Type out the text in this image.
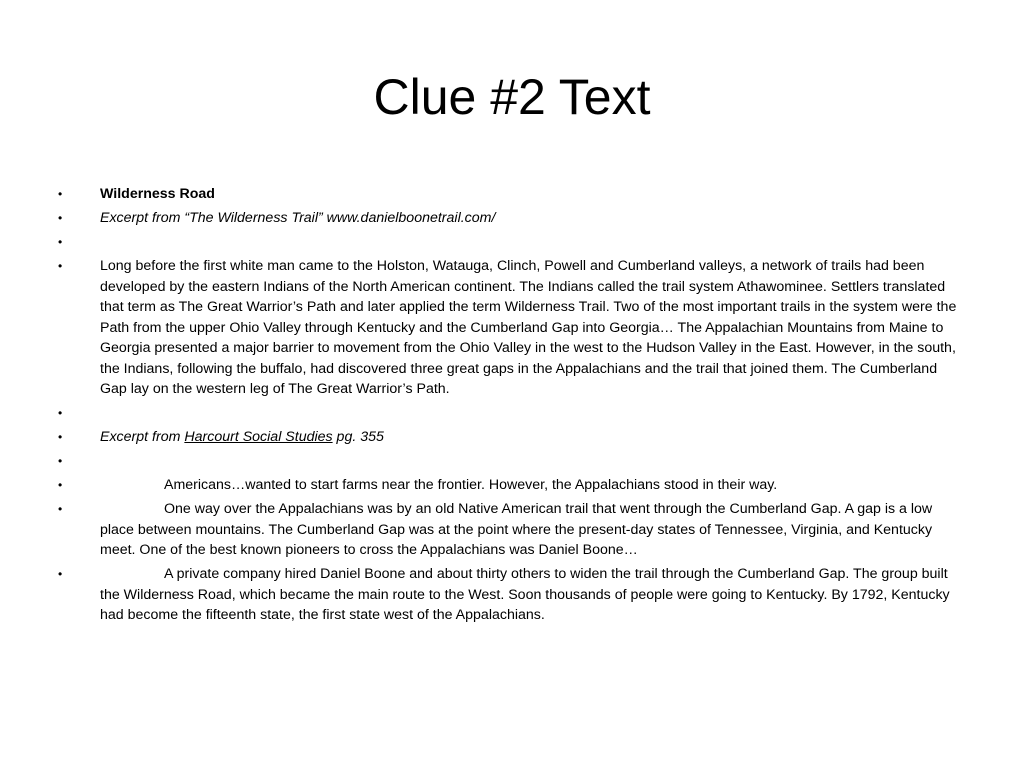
Clue #2 Text
•	Wilderness Road
•	Excerpt from “The Wilderness Trail” www.danielboonetrail.com/
•
•	Long before the first white man came to the Holston, Watauga, Clinch, Powell and Cumberland valleys, a network of trails had been developed by the eastern Indians of the North American continent. The Indians called the trail system Athawominee. Settlers translated that term as The Great Warrior’s Path and later applied the term Wilderness Trail. Two of the most important trails in the system were the Path from the upper Ohio Valley through Kentucky and the Cumberland Gap into Georgia… The Appalachian Mountains from Maine to Georgia presented a major barrier to movement from the Ohio Valley in the west to the Hudson Valley in the East. However, in the south, the Indians, following the buffalo, had discovered three great gaps in the Appalachians and the trail that joined them. The Cumberland Gap lay on the western leg of The Great Warrior’s Path.
•
•	Excerpt from Harcourt Social Studies pg. 355
•
•	Americans…wanted to start farms near the frontier. However, the Appalachians stood in their way.
•	One way over the Appalachians was by an old Native American trail that went through the Cumberland Gap. A gap is a low place between mountains. The Cumberland Gap was at the point where the present-day states of Tennessee, Virginia, and Kentucky meet. One of the best known pioneers to cross the Appalachians was Daniel Boone…
•	A private company hired Daniel Boone and about thirty others to widen the trail through the Cumberland Gap. The group built the Wilderness Road, which became the main route to the West. Soon thousands of people were going to Kentucky. By 1792, Kentucky had become the fifteenth state, the first state west of the Appalachians.
